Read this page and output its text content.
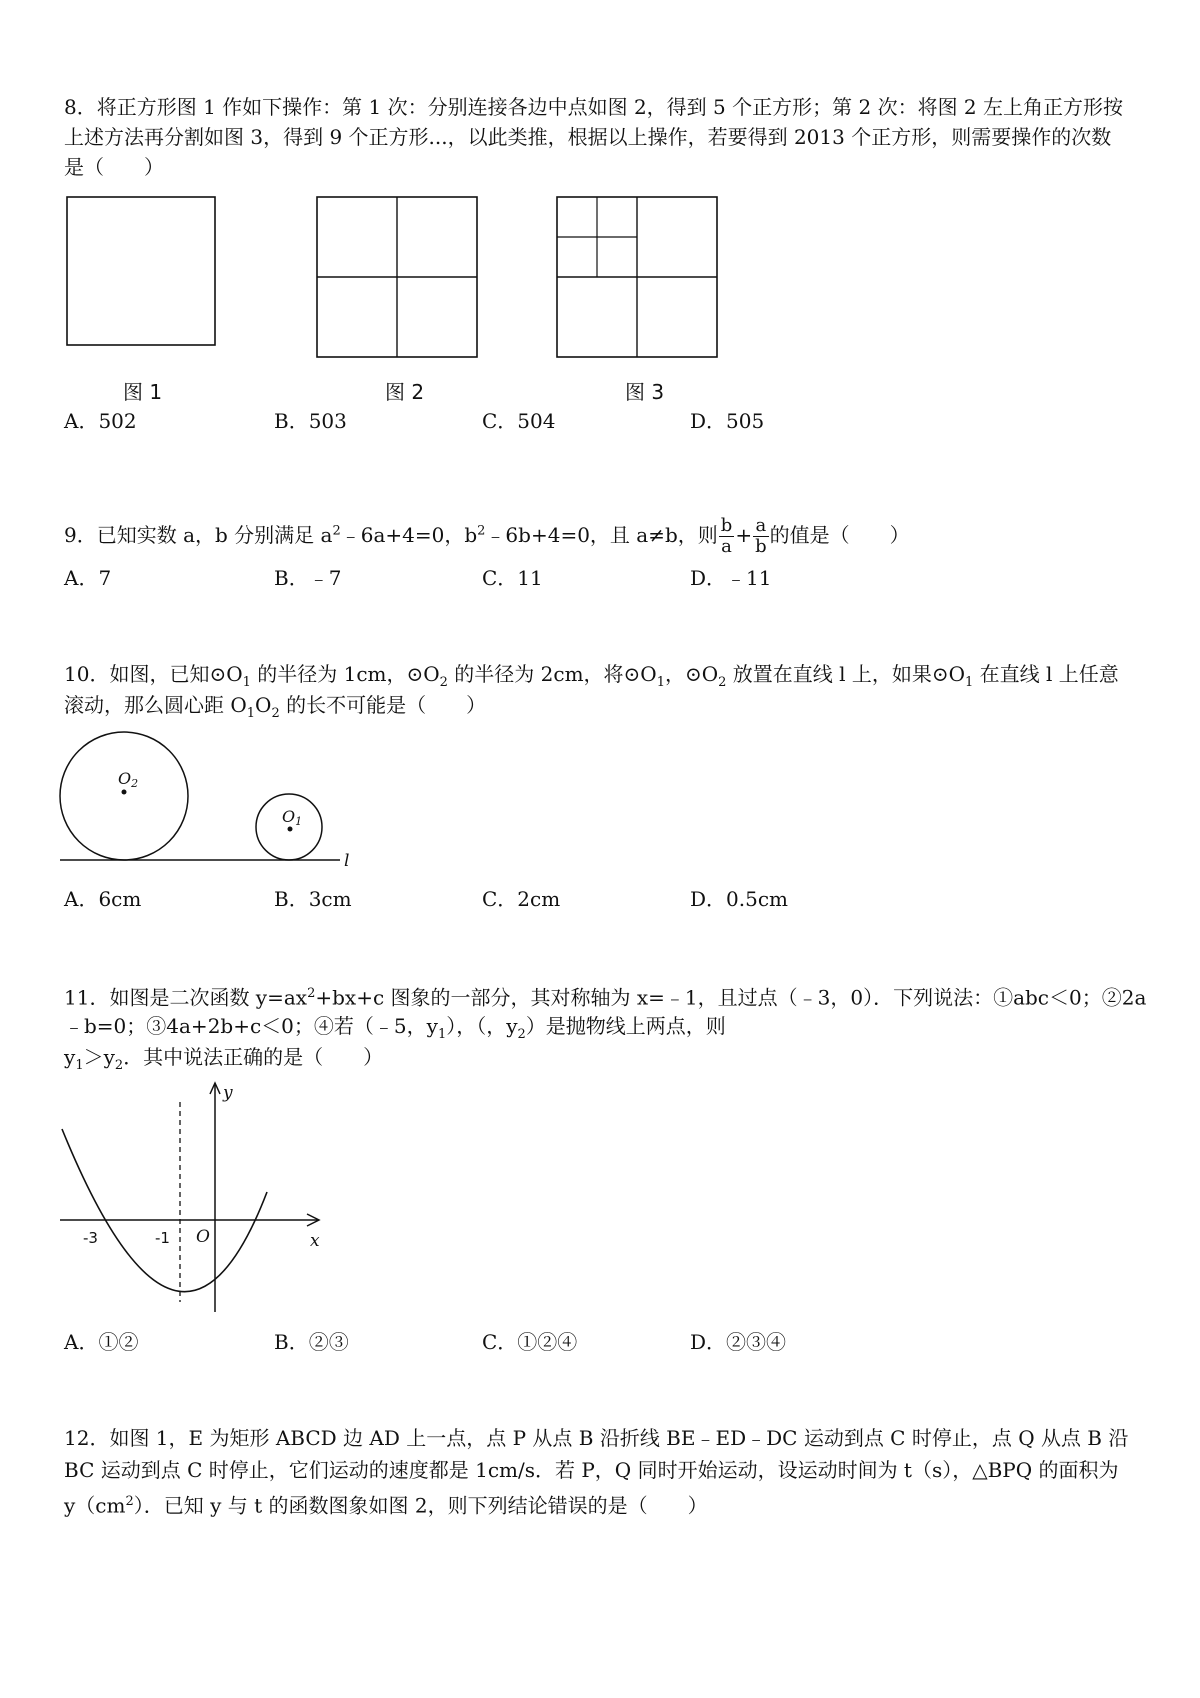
8．将正方形图 1 作如下操作：第 1 次：分别连接各边中点如图 2，得到 5 个正方形；第 2 次：将图 2 左上角正方形按
上述方法再分割如图 3，得到 9 个正方形...，以此类推，根据以上操作，若要得到 2013 个正方形，则需要操作的次数
是（　　）
图 1	图 2	图 3
A．502	B．503	C．504	D．505
9．已知实数 a，b 分别满足 $a^2﹣6a+4=0$，$b^2﹣6b+4=0$，且 a≠b，则 $\frac{b}{a} + \frac{a}{b}$ 的值是（　　）
A．7	B．﹣7	C．11	D．﹣11
10．如图，已知$⊙O_1$ 的半径为 1cm，$⊙O_2$ 的半径为 2cm，将$⊙O_1$，$⊙O_2$ 放置在直线 l 上，如果$⊙O_1$ 在直线 l 上任意
滚动，那么圆心距 $O_1O_2$ 的长不可能是（　　）
O2
O1
l
A．6cm	B．3cm	C．2cm	D．0.5cm
11．如图是二次函数 $y=ax^2+bx+c$ 图象的一部分，其对称轴为 x=﹣1，且过点（﹣3，0）．下列说法：①abc＜0；②2a
﹣b=0；③4a+2b+c＜0；④若（﹣5，$y_1$），（，$y_2$）是抛物线上两点，则
$y_1>y_2$．其中说法正确的是（　　）
y
x
O
-3	-1
A．①②	B．②③	C．①②④	D．②③④
12．如图 1，E 为矩形 ABCD 边 AD 上一点，点 P 从点 B 沿折线 BE﹣ED﹣DC 运动到点 C 时停止，点 Q 从点 B 沿
BC 运动到点 C 时停止，它们运动的速度都是 1cm/s．若 P，Q 同时开始运动，设运动时间为 t（s），△BPQ 的面积为
$y(cm^2)$．已知 y 与 t 的函数图象如图 2，则下列结论错误的是（　　）
